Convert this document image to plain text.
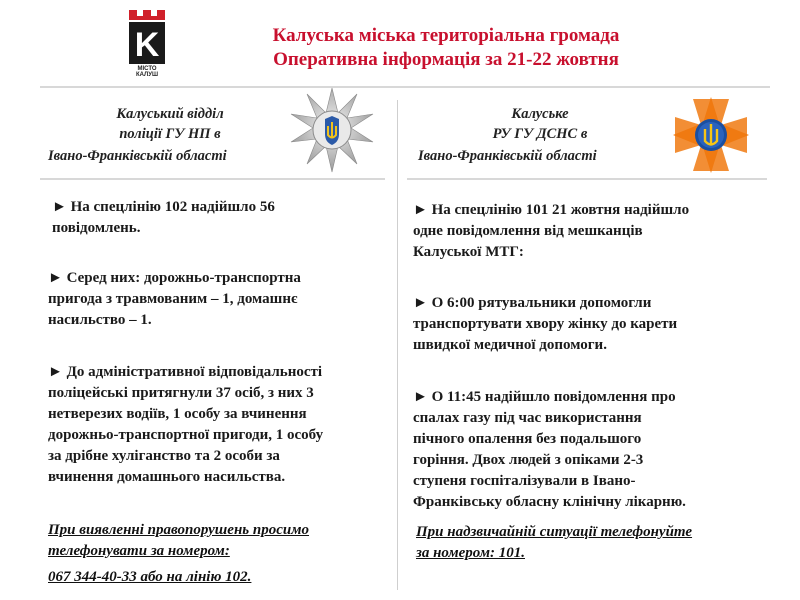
K
МІСТО КАЛУШ
Калуська міська територіальна громада
Оперативна інформація за 21-22 жовтня
Калуський відділ
поліції ГУ НП в
Івано-Франківській області
Калуське
РУ ГУ ДСНС в
Івано-Франківській області
► На спецлінію 102 надійшло 56
повідомлень.
► Серед них: дорожньо-транспортна
пригода з травмованим – 1, домашнє
насильство – 1.
► До адміністративної відповідальності
поліцейські притягнули 37 осіб, з них 3
нетверезих водіїв, 1 особу за вчинення
дорожньо-транспортної пригоди, 1 особу
за дрібне хуліганство та 2 особи за
вчинення домашнього насильства.
При виявленні правопорушень просимо
телефонувати за номером:
067 344-40-33 або на лінію 102.
► На спецлінію 101 21 жовтня надійшло
одне повідомлення від мешканців
Калуської МТГ:
► О 6:00 рятувальники допомогли
транспортувати хвору жінку до карети
швидкої медичної допомоги.
► О 11:45 надійшло повідомлення про
спалах газу під час використання
пічного опалення без подальшого
горіння. Двох людей з опіками 2-3
ступеня госпіталізували в Івано-
Франківську обласну клінічну лікарню.
При надзвичайній ситуації телефонуйте
за номером: 101.
